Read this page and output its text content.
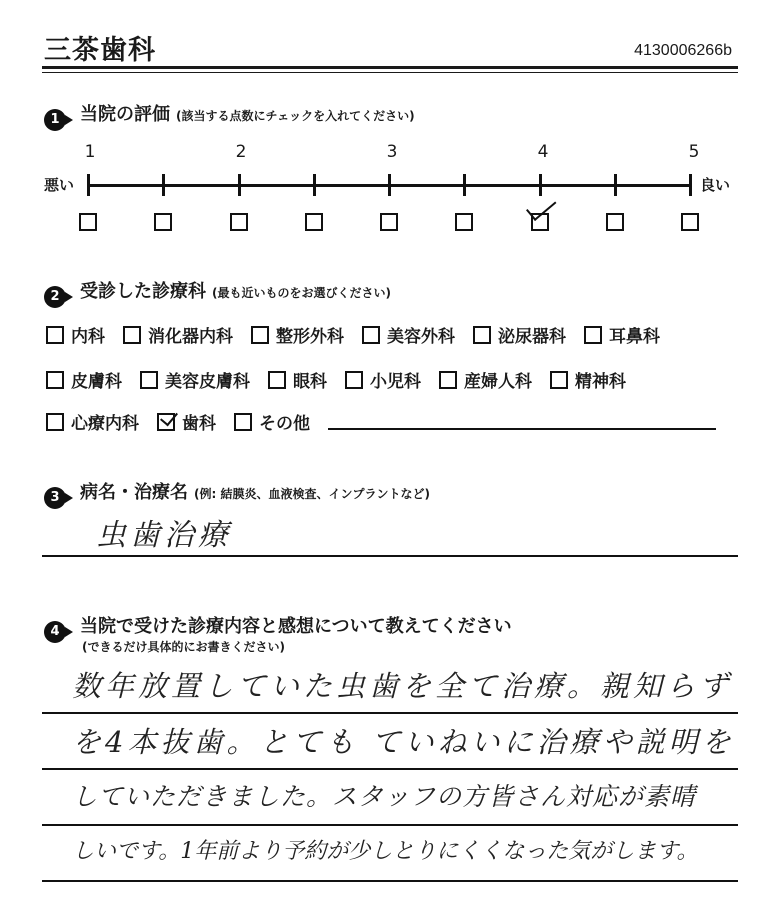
三茶歯科	4130006266b
1	当院の評価 (該当する点数にチェックを入れてください)
1	2	3	4	5
悪い	良い
2	受診した診療科 (最も近いものをお選びください)
内科	消化器内科	整形外科	美容外科	泌尿器科	耳鼻科
皮膚科	美容皮膚科	眼科	小児科	産婦人科	精神科
心療内科	歯科	その他
3	病名・治療名 (例: 結膜炎、血液検査、インプラントなど)
虫歯治療
4	当院で受けた診療内容と感想について教えてください
(できるだけ具体的にお書きください)
数年放置していた虫歯を全て治療。親知らず
を4本抜歯。とても ていねいに治療や説明を
していただきました。スタッフの方皆さん対応が素晴
しいです。1年前より予約が少しとりにくくなった気がします。
